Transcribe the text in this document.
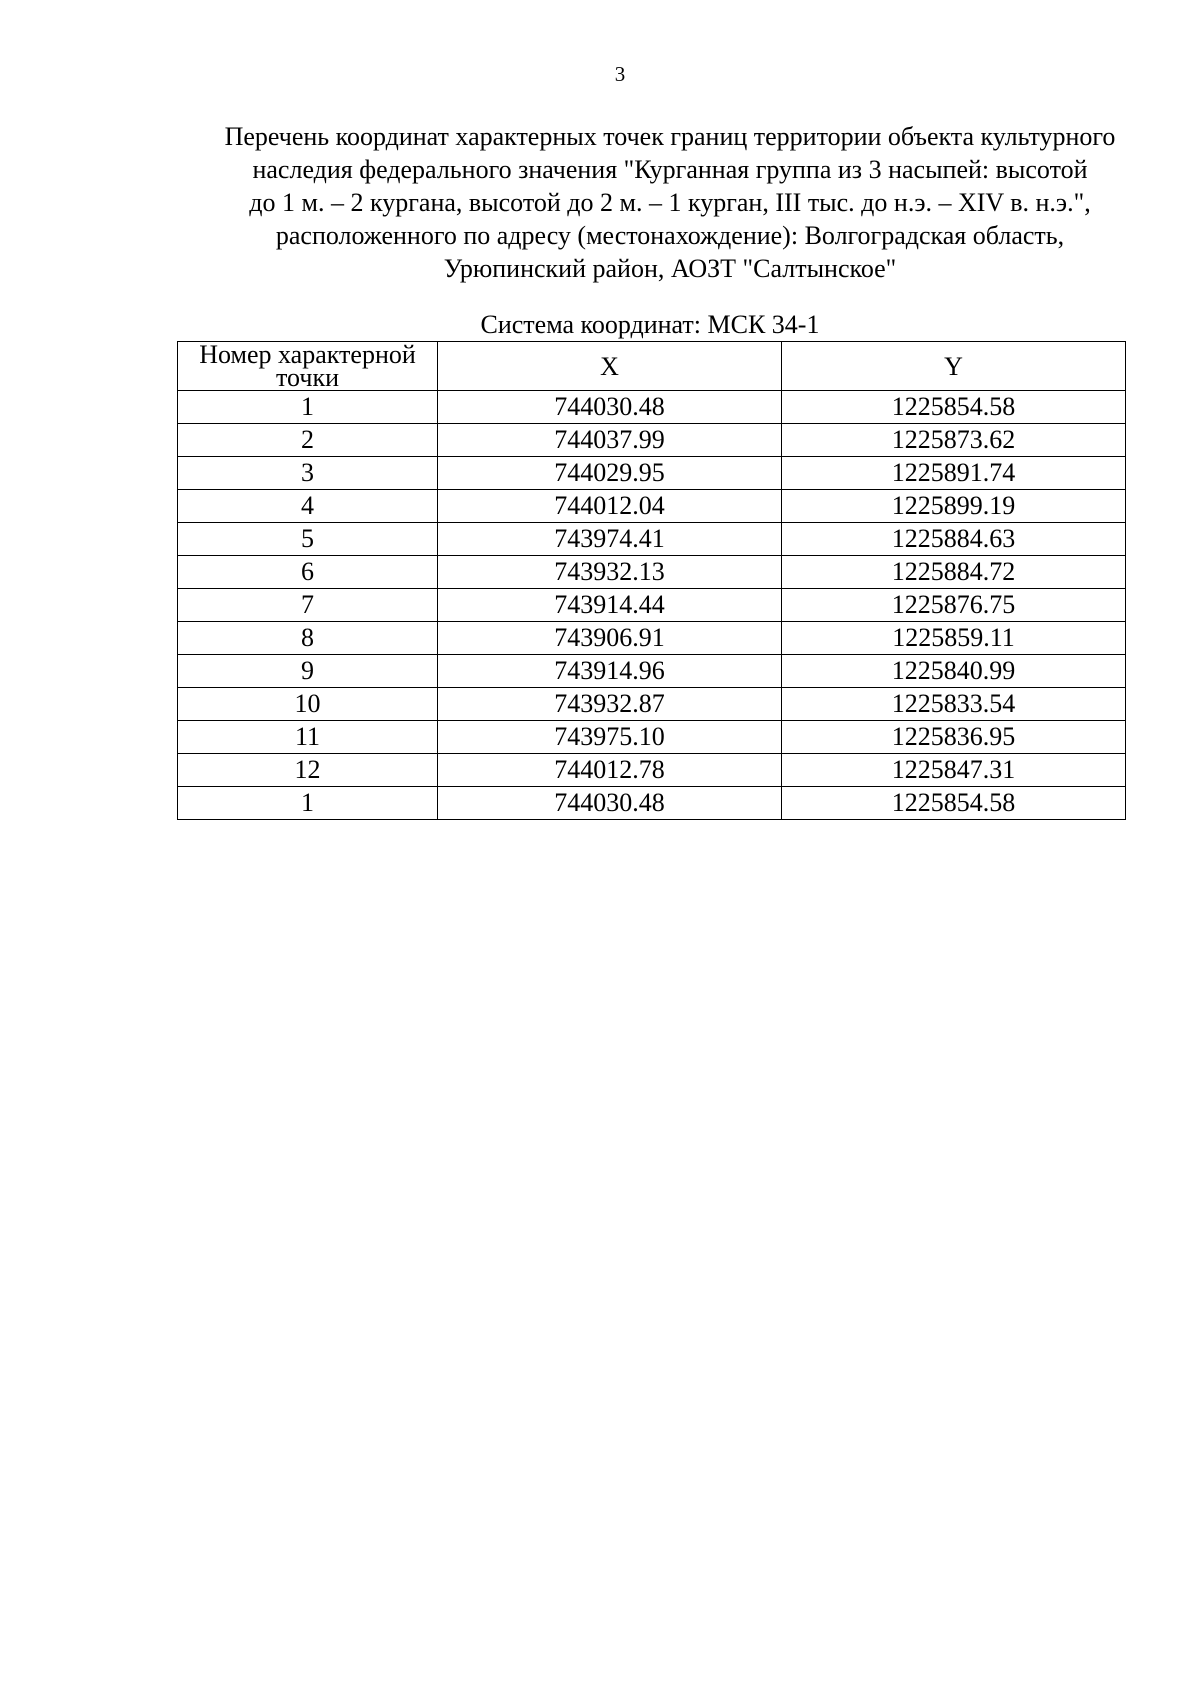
3
Перечень координат характерных точек границ территории объекта культурного
наследия федерального значения "Курганная группа из 3 насыпей: высотой
до 1 м. – 2 кургана, высотой до 2 м. – 1 курган, III тыс. до н.э. – XIV в. н.э.",
расположенного по адресу (местонахождение): Волгоградская область,
Урюпинский район, АОЗТ "Салтынское"
Система координат: МСК 34-1
Номер характерной
точки	X	Y
1	744030.48	1225854.58
2	744037.99	1225873.62
3	744029.95	1225891.74
4	744012.04	1225899.19
5	743974.41	1225884.63
6	743932.13	1225884.72
7	743914.44	1225876.75
8	743906.91	1225859.11
9	743914.96	1225840.99
10	743932.87	1225833.54
11	743975.10	1225836.95
12	744012.78	1225847.31
1	744030.48	1225854.58
